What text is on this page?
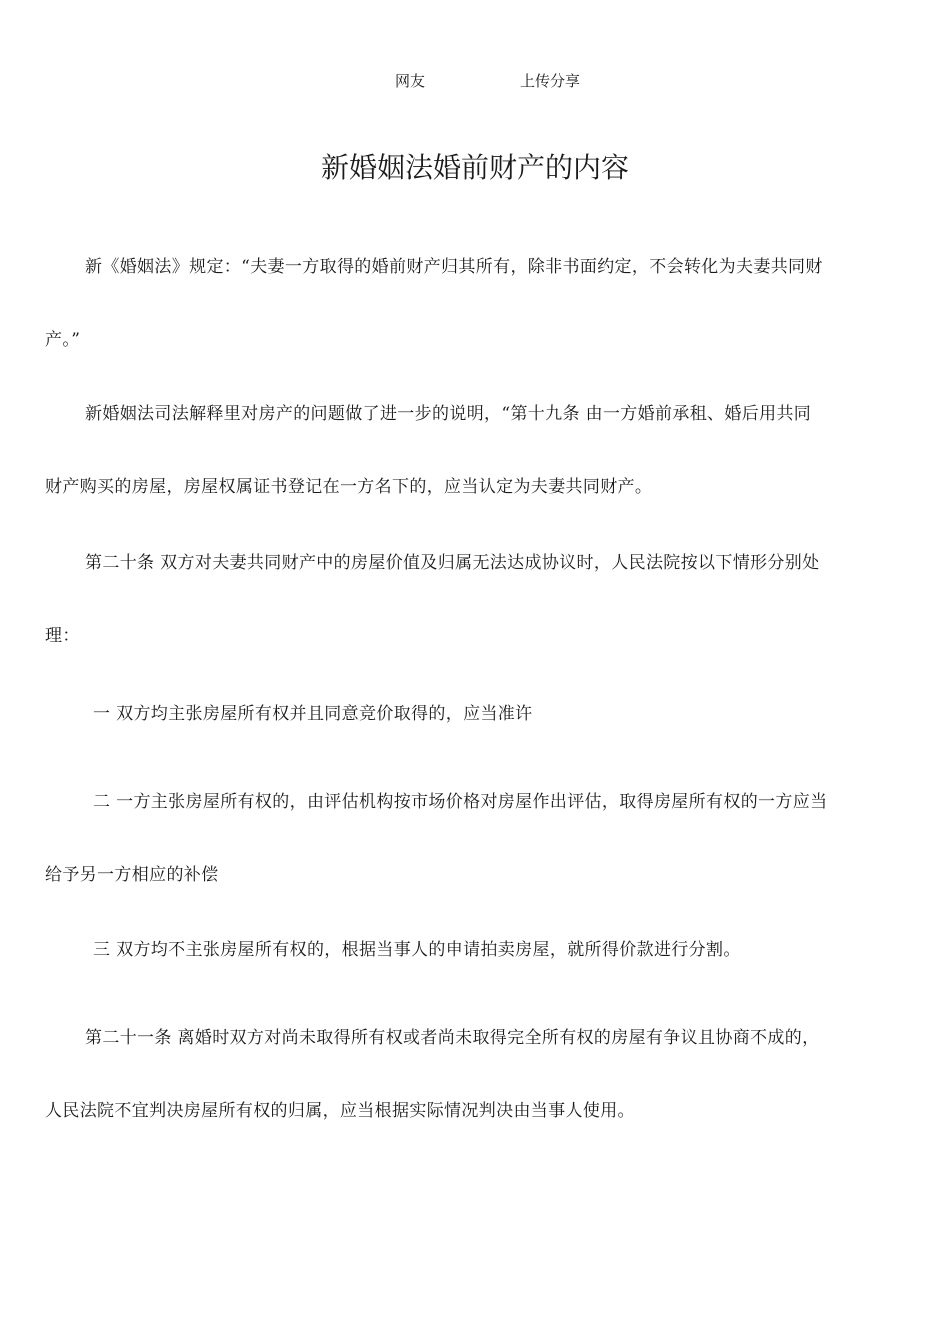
网友	上传分享
新婚姻法婚前财产的内容
新《婚姻法》规定：“夫妻一方取得的婚前财产归其所有，除非书面约定，不会转化为夫妻共同财
产。”
新婚姻法司法解释里对房产的问题做了进一步的说明，“第十九条 由一方婚前承租、婚后用共同
财产购买的房屋，房屋权属证书登记在一方名下的，应当认定为夫妻共同财产。
第二十条 双方对夫妻共同财产中的房屋价值及归属无法达成协议时，人民法院按以下情形分别处
理：
一 双方均主张房屋所有权并且同意竞价取得的，应当准许
二 一方主张房屋所有权的，由评估机构按市场价格对房屋作出评估，取得房屋所有权的一方应当
给予另一方相应的补偿
三 双方均不主张房屋所有权的，根据当事人的申请拍卖房屋，就所得价款进行分割。
第二十一条 离婚时双方对尚未取得所有权或者尚未取得完全所有权的房屋有争议且协商不成的，
人民法院不宜判决房屋所有权的归属，应当根据实际情况判决由当事人使用。
